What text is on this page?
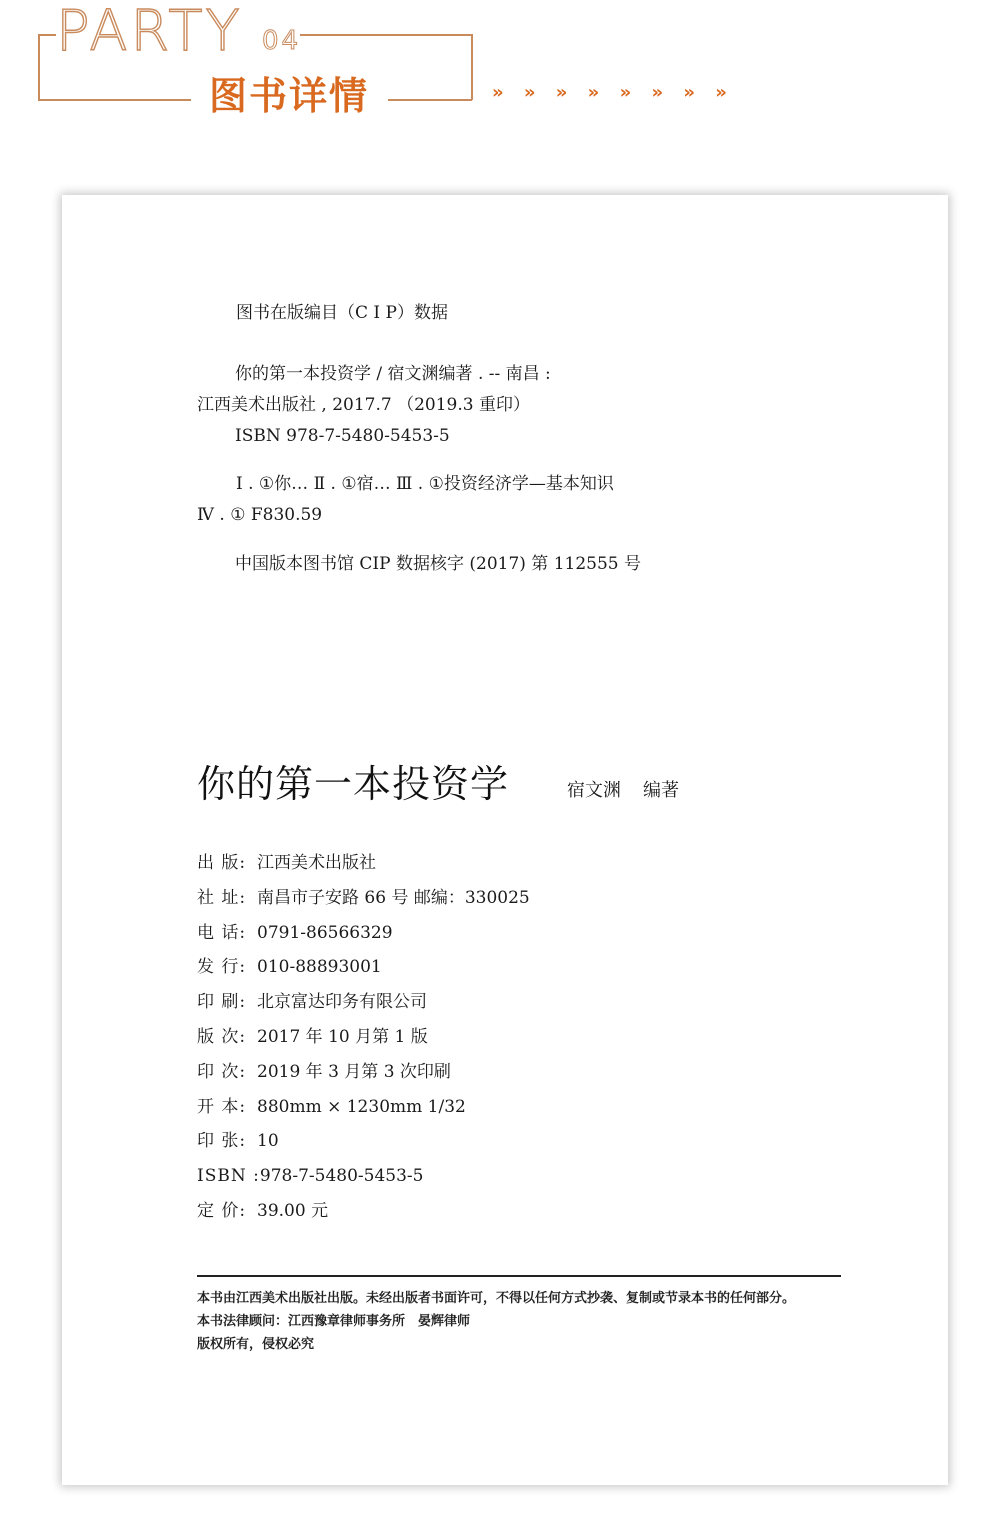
PARTY 04
图书详情	» » » » » » » »
图书在版编目（C I P）数据
你的第一本投资学 / 宿文渊编著 . -- 南昌 :
江西美术出版社 , 2017.7 （2019.3 重印）
ISBN 978-7-5480-5453-5
Ⅰ . ①你… Ⅱ . ①宿… Ⅲ . ①投资经济学—基本知识
Ⅳ . ① F830.59
中国版本图书馆 CIP 数据核字 (2017) 第 112555 号
你的第一本投资学	宿文渊 编著
出 版: 江西美术出版社
社 址: 南昌市子安路 66 号 邮编：330025
电 话: 0791-86566329
发 行: 010-88893001
印 刷: 北京富达印务有限公司
版 次: 2017 年 10 月第 1 版
印 次: 2019 年 3 月第 3 次印刷
开 本: 880mm × 1230mm 1/32
印 张: 10
ISBN :978-7-5480-5453-5
定 价: 39.00 元
本书由江西美术出版社出版。未经出版者书面许可，不得以任何方式抄袭、复制或节录本书的任何部分。
本书法律顾问：江西豫章律师事务所　晏辉律师
版权所有，侵权必究
